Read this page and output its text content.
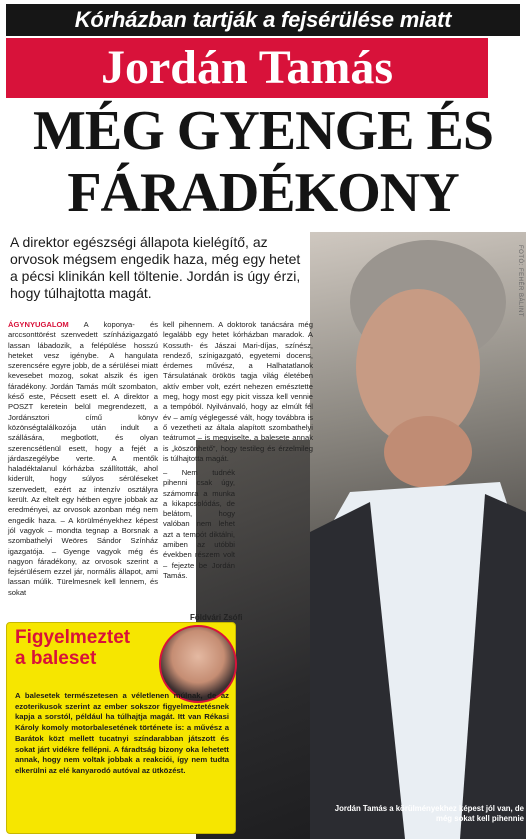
Kórházban tartják a fejsérülése miatt
Jordán Tamás
MÉG GYENGE ÉS
FÁRADÉKONY
FOTÓ: FEHÉR BÁLINT
A direktor egészségi állapota kielégítő, az orvosok mégsem engedik haza, még egy hetet a pécsi klinikán kell töltenie. Jordán is úgy érzi, hogy túlhajtotta magát.
ÁGYNYUGALOM A koponya- és arccsonttörést szenvedett színházigazgató lassan lábadozik, a felépülése hosszú heteket vesz igénybe. A hangulata szerencsére egyre jobb, de a sérülései miatt kevesebet mozog, sokat alszik és igen fáradékony. Jordán Tamás múlt szombaton, késő este, Pécsett esett el. A direktor a POSZT keretein belül megrendezett, a Jordánsztori című könyv közönségtalálkozója után indult a szállására, megbotlott, és olyan szerencsétlenül esett, hogy a fejét a járdaszegélybe verte. A mentők haladéktalanul kórházba szállították, ahol kiderült, hogy súlyos sérüléseket szenvedett, ezért az intenzív osztályra került. Az eltelt egy hétben egyre jobbak az eredményei, az orvosok azonban még nem engedik haza. – A körülményekhez képest jól vagyok – mondta tegnap a Borsnak a szombathelyi Weöres Sándor Színház igazgatója. – Gyenge vagyok még és nagyon fáradékony, az orvosok szerint a fejsérülésem ezzel jár, normális állapot, ami lassan múlik. Türelmesnek kell lennem, és sokat
kell pihennem. A doktorok tanácsára még legalább egy hetet kórházban maradok. A Kossuth- és Jászai Mari-díjas, színész, rendező, színigazgató, egyetemi docens, érdemes művész, a Halhatatlanok Társulatának örökös tagja világ életében aktív ember volt, ezért nehezen emésztette meg, hogy most egy picit vissza kell vennie a tempóból. Nyilvánvaló, hogy az elmúlt fél év – amíg véglegessé vált, hogy továbbra is ő vezetheti az általa alapított szombathelyi teátrumot – is megviselte, a balesete annak is „köszönhető”, hogy testileg és érzelmileg is túlhajtotta magát.
– Nem tudnék pihenni csak úgy, számomra a munka a kikapcsolódás, de belátom, hogy valóban nem lehet azt a tempót diktálni, amiben az utóbbi években részem volt – fejezte be Jordán Tamás.
Földvári Zsófi
Figyelmeztet
a baleset
A balesetek természetesen a véletlenen múlnak, de az ezoterikusok szerint az ember sokszor figyelmeztetésnek kapja a sorstól, például ha túlhajtja magát. Itt van Rékasi Károly komoly motorbalesetének története is: a művész a Barátok közt mellett tucatnyi színdarabban játszott és sokat járt vidékre fellépni. A fáradtság bizony oka lehetett annak, hogy nem voltak jobbak a reakciói, így nem tudta elkerülni az elé kanyarodó autóval az ütközést.
Jordán Tamás a körülményekhez képest jól van, de még sokat kell pihennie
